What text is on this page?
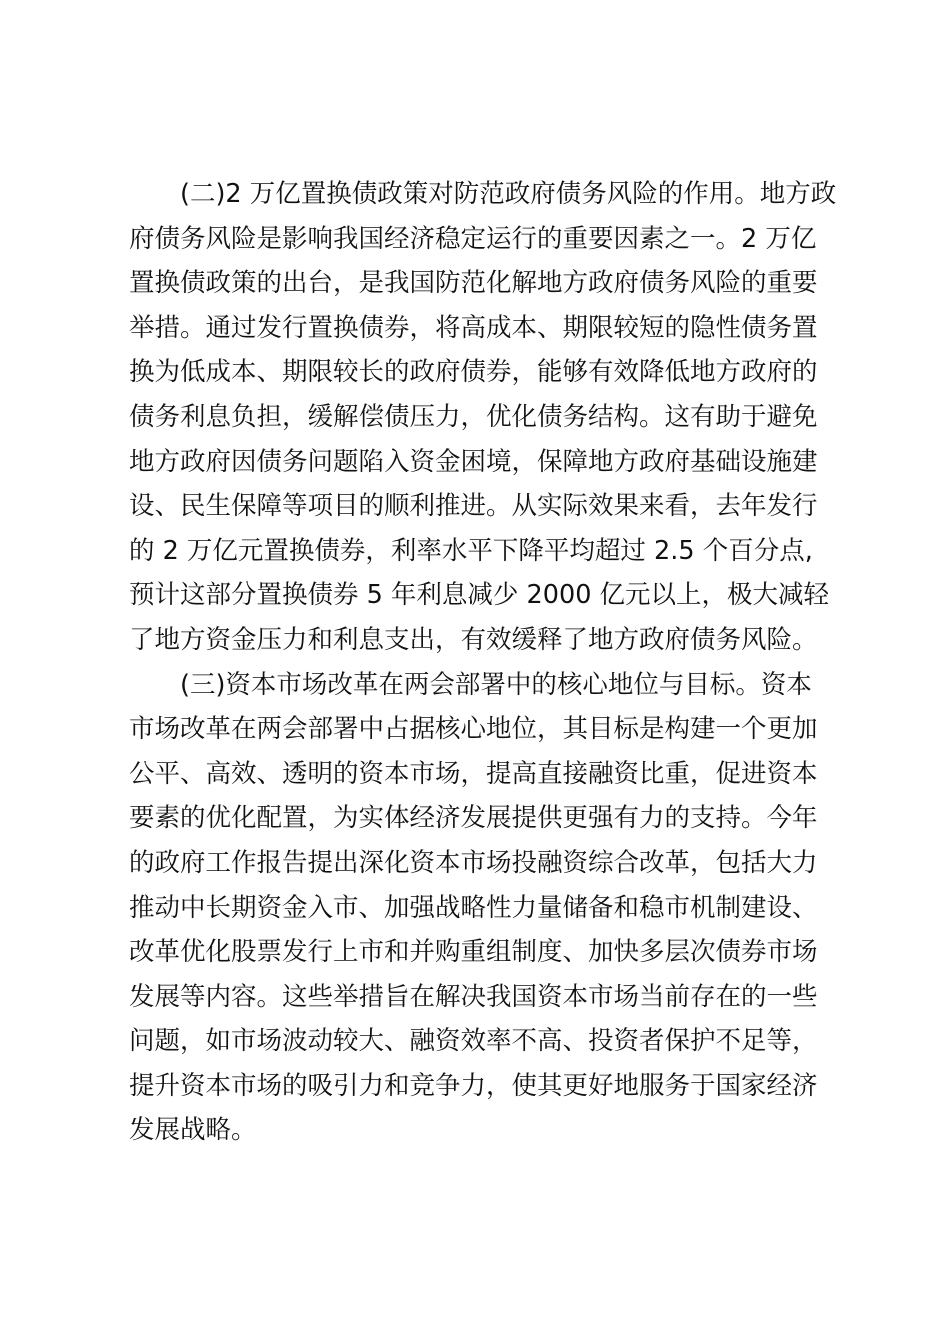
(二)2 万亿置换债政策对防范政府债务风险的作用。地方政
府债务风险是影响我国经济稳定运行的重要因素之一。2 万亿
置换债政策的出台，是我国防范化解地方政府债务风险的重要
举措。通过发行置换债券，将高成本、期限较短的隐性债务置
换为低成本、期限较长的政府债券，能够有效降低地方政府的
债务利息负担，缓解偿债压力，优化债务结构。这有助于避免
地方政府因债务问题陷入资金困境，保障地方政府基础设施建
设、民生保障等项目的顺利推进。从实际效果来看，去年发行
的 2 万亿元置换债券，利率水平下降平均超过 2.5 个百分点,
预计这部分置换债券 5 年利息减少 2000 亿元以上，极大减轻
了地方资金压力和利息支出，有效缓释了地方政府债务风险。
(三)资本市场改革在两会部署中的核心地位与目标。资本
市场改革在两会部署中占据核心地位，其目标是构建一个更加
公平、高效、透明的资本市场，提高直接融资比重，促进资本
要素的优化配置，为实体经济发展提供更强有力的支持。今年
的政府工作报告提出深化资本市场投融资综合改革，包括大力
推动中长期资金入市、加强战略性力量储备和稳市机制建设、
改革优化股票发行上市和并购重组制度、加快多层次债券市场
发展等内容。这些举措旨在解决我国资本市场当前存在的一些
问题，如市场波动较大、融资效率不高、投资者保护不足等，
提升资本市场的吸引力和竞争力，使其更好地服务于国家经济
发展战略。
